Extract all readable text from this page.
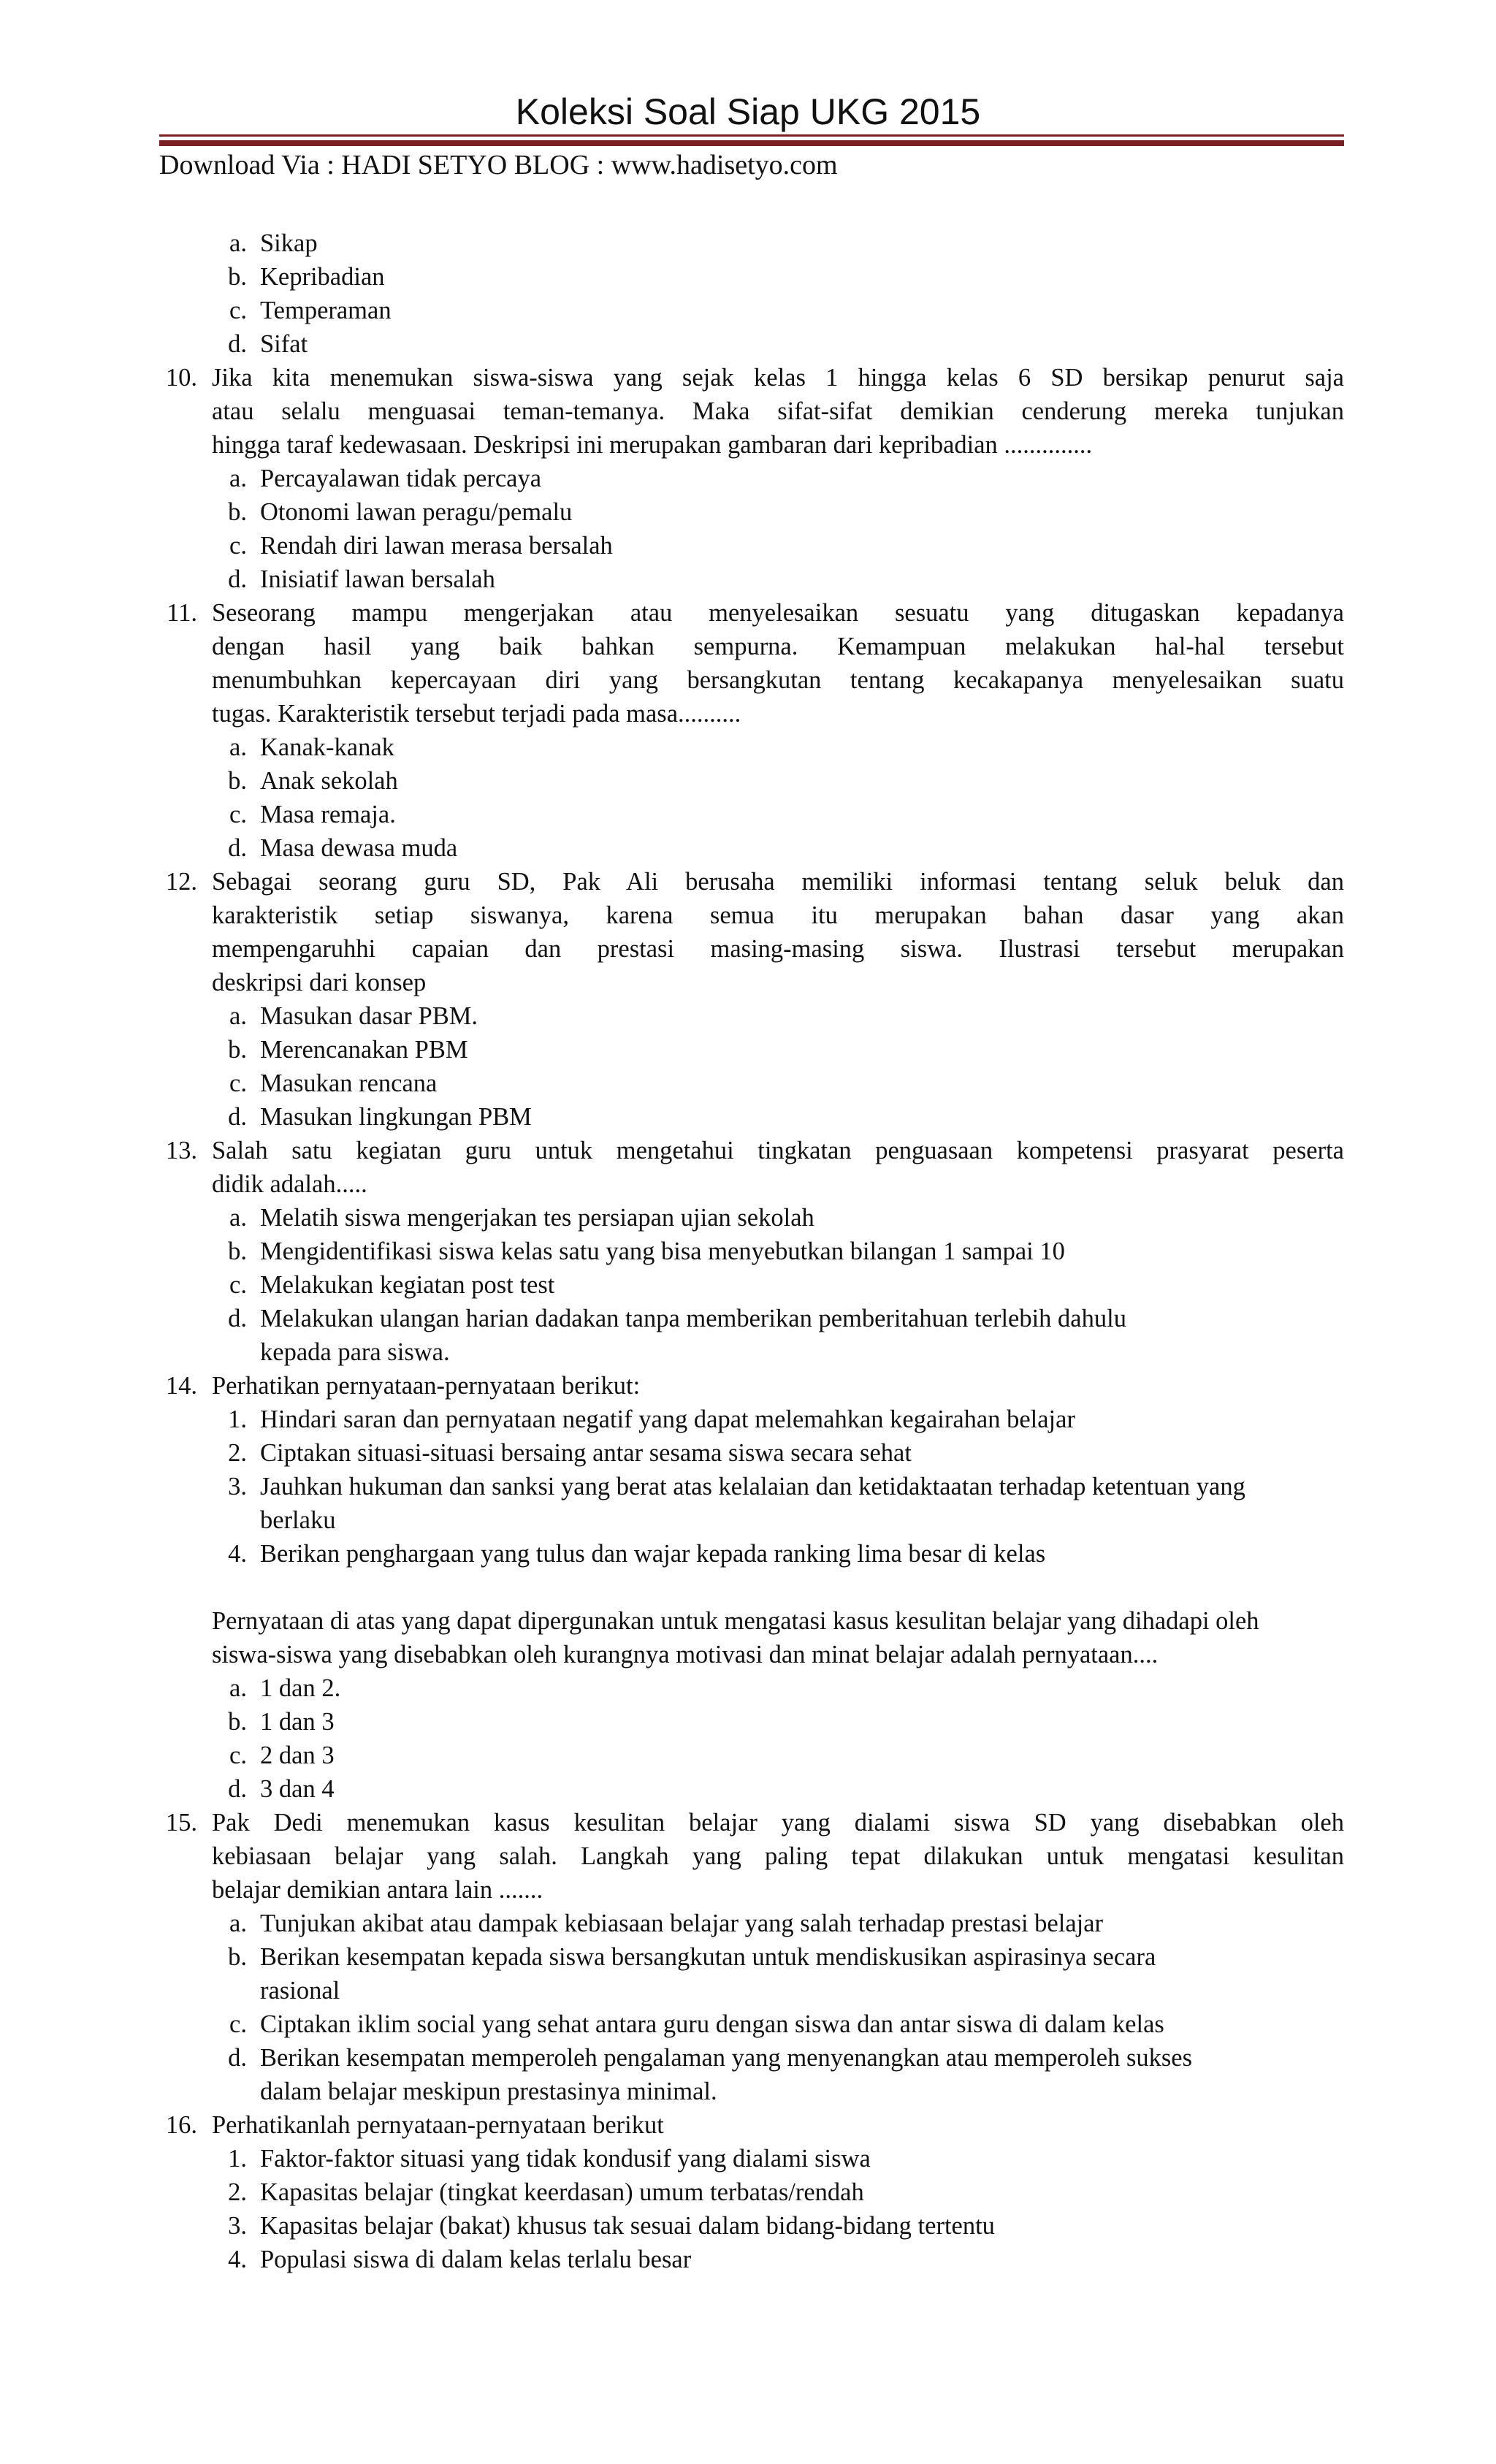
Koleksi Soal Siap UKG 2015
Download Via : HADI SETYO BLOG : www.hadisetyo.com
a. Sikap
b. Kepribadian
c. Temperaman
d. Sifat
10. Jika kita menemukan siswa-siswa yang sejak kelas 1 hingga kelas 6 SD bersikap penurut saja
atau selalu menguasai teman-temanya. Maka sifat-sifat demikian cenderung mereka tunjukan
hingga taraf kedewasaan. Deskripsi ini merupakan gambaran dari kepribadian ..............
a. Percayalawan tidak percaya
b. Otonomi lawan peragu/pemalu
c. Rendah diri lawan merasa bersalah
d. Inisiatif lawan bersalah
11. Seseorang mampu mengerjakan atau menyelesaikan sesuatu yang ditugaskan kepadanya
dengan hasil yang baik bahkan sempurna. Kemampuan melakukan hal-hal tersebut
menumbuhkan kepercayaan diri yang bersangkutan tentang kecakapanya menyelesaikan suatu
tugas. Karakteristik tersebut terjadi pada masa..........
a. Kanak-kanak
b. Anak sekolah
c. Masa remaja.
d. Masa dewasa muda
12. Sebagai seorang guru SD, Pak Ali berusaha memiliki informasi tentang seluk beluk dan
karakteristik setiap siswanya, karena semua itu merupakan bahan dasar yang akan
mempengaruhhi capaian dan prestasi masing-masing siswa. Ilustrasi tersebut merupakan
deskripsi dari konsep
a. Masukan dasar PBM.
b. Merencanakan PBM
c. Masukan rencana
d. Masukan lingkungan PBM
13. Salah satu kegiatan guru untuk mengetahui tingkatan penguasaan kompetensi prasyarat peserta
didik adalah.....
a. Melatih siswa mengerjakan tes persiapan ujian sekolah
b. Mengidentifikasi siswa kelas satu yang bisa menyebutkan bilangan 1 sampai 10
c. Melakukan kegiatan post test
d. Melakukan ulangan harian dadakan tanpa memberikan pemberitahuan terlebih dahulu
kepada para siswa.
14. Perhatikan pernyataan-pernyataan berikut:
1. Hindari saran dan pernyataan negatif yang dapat melemahkan kegairahan belajar
2. Ciptakan situasi-situasi bersaing antar sesama siswa secara sehat
3. Jauhkan hukuman dan sanksi yang berat atas kelalaian dan ketidaktaatan terhadap ketentuan yang
berlaku
4. Berikan penghargaan yang tulus dan wajar kepada ranking lima besar di kelas
Pernyataan di atas yang dapat dipergunakan untuk mengatasi kasus kesulitan belajar yang dihadapi oleh
siswa-siswa yang disebabkan oleh kurangnya motivasi dan minat belajar adalah pernyataan....
a. 1 dan 2.
b. 1 dan 3
c. 2 dan 3
d. 3 dan 4
15. Pak Dedi menemukan kasus kesulitan belajar yang dialami siswa SD yang disebabkan oleh
kebiasaan belajar yang salah. Langkah yang paling tepat dilakukan untuk mengatasi kesulitan
belajar demikian antara lain .......
a. Tunjukan akibat atau dampak kebiasaan belajar yang salah terhadap prestasi belajar
b. Berikan kesempatan kepada siswa bersangkutan untuk mendiskusikan aspirasinya secara
rasional
c. Ciptakan iklim social yang sehat antara guru dengan siswa dan antar siswa di dalam kelas
d. Berikan kesempatan memperoleh pengalaman yang menyenangkan atau memperoleh sukses
dalam belajar meskipun prestasinya minimal.
16. Perhatikanlah pernyataan-pernyataan berikut
1. Faktor-faktor situasi yang tidak kondusif yang dialami siswa
2. Kapasitas belajar (tingkat keerdasan) umum terbatas/rendah
3. Kapasitas belajar (bakat) khusus tak sesuai dalam bidang-bidang tertentu
4. Populasi siswa di dalam kelas terlalu besar
